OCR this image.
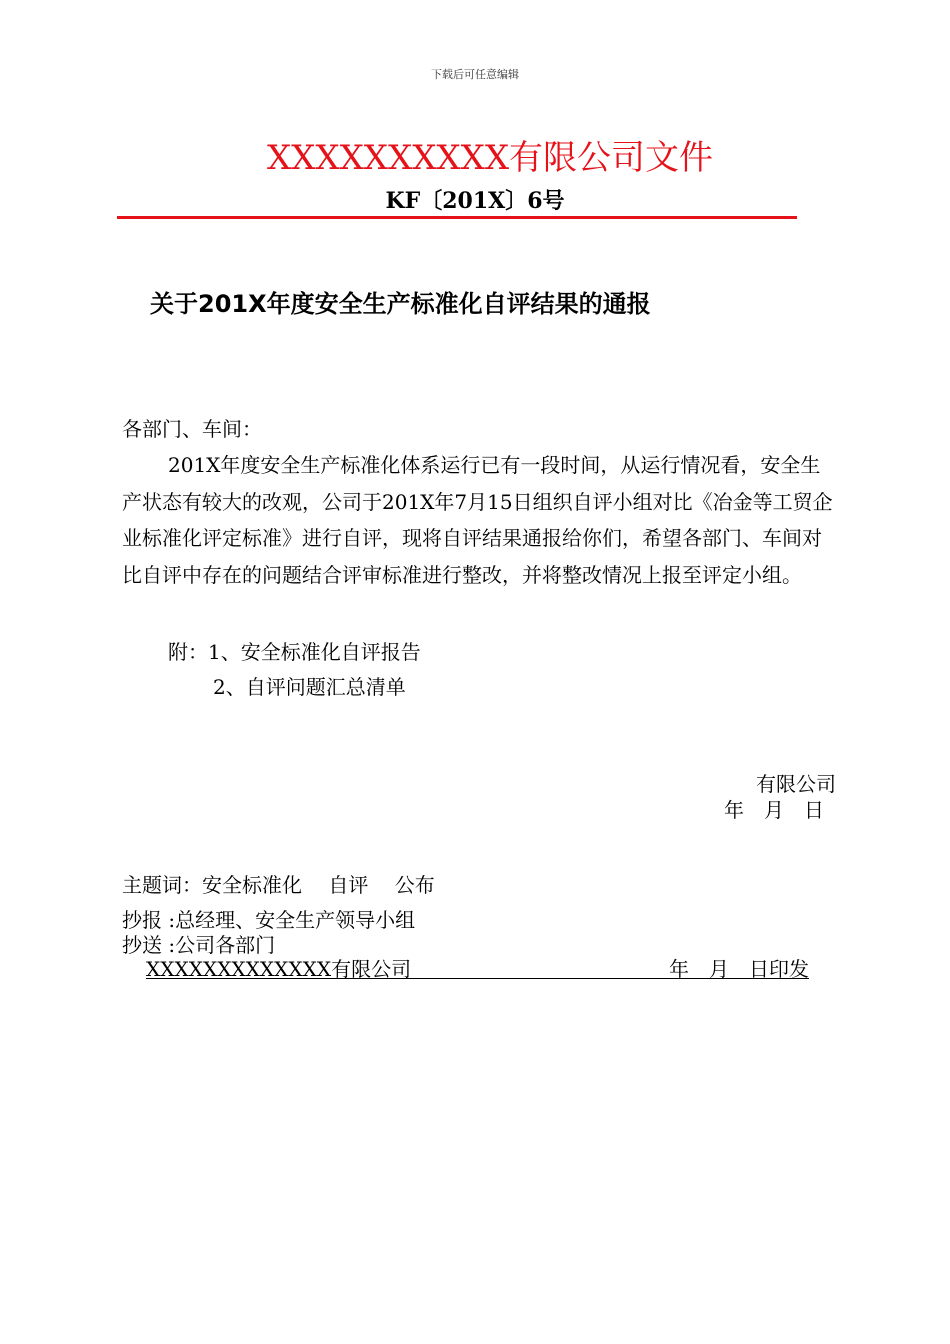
下载后可任意编辑
XXXXXXXXXX有限公司文件
KF〔201X〕6号
关于201X年度安全生产标准化自评结果的通报
各部门、车间：

201X年度安全生产标准化体系运行已有一段时间，从运行情况看，安全生产状态有较大的改观，公司于201X年7月15日组织自评小组对比《冶金等工贸企业标准化评定标准》进行自评，现将自评结果通报给你们，希望各部门、车间对比自评中存在的问题结合评审标准进行整改，并将整改情况上报至评定小组。

附：1、安全标准化自评报告
2、自评问题汇总清单
有限公司
年　月　日
主题词：安全标准化　 自评　 公布
抄报 :总经理、安全生产领导小组
抄送 :公司各部门
XXXXXXXXXXXXX有限公司	年　月　日印发
